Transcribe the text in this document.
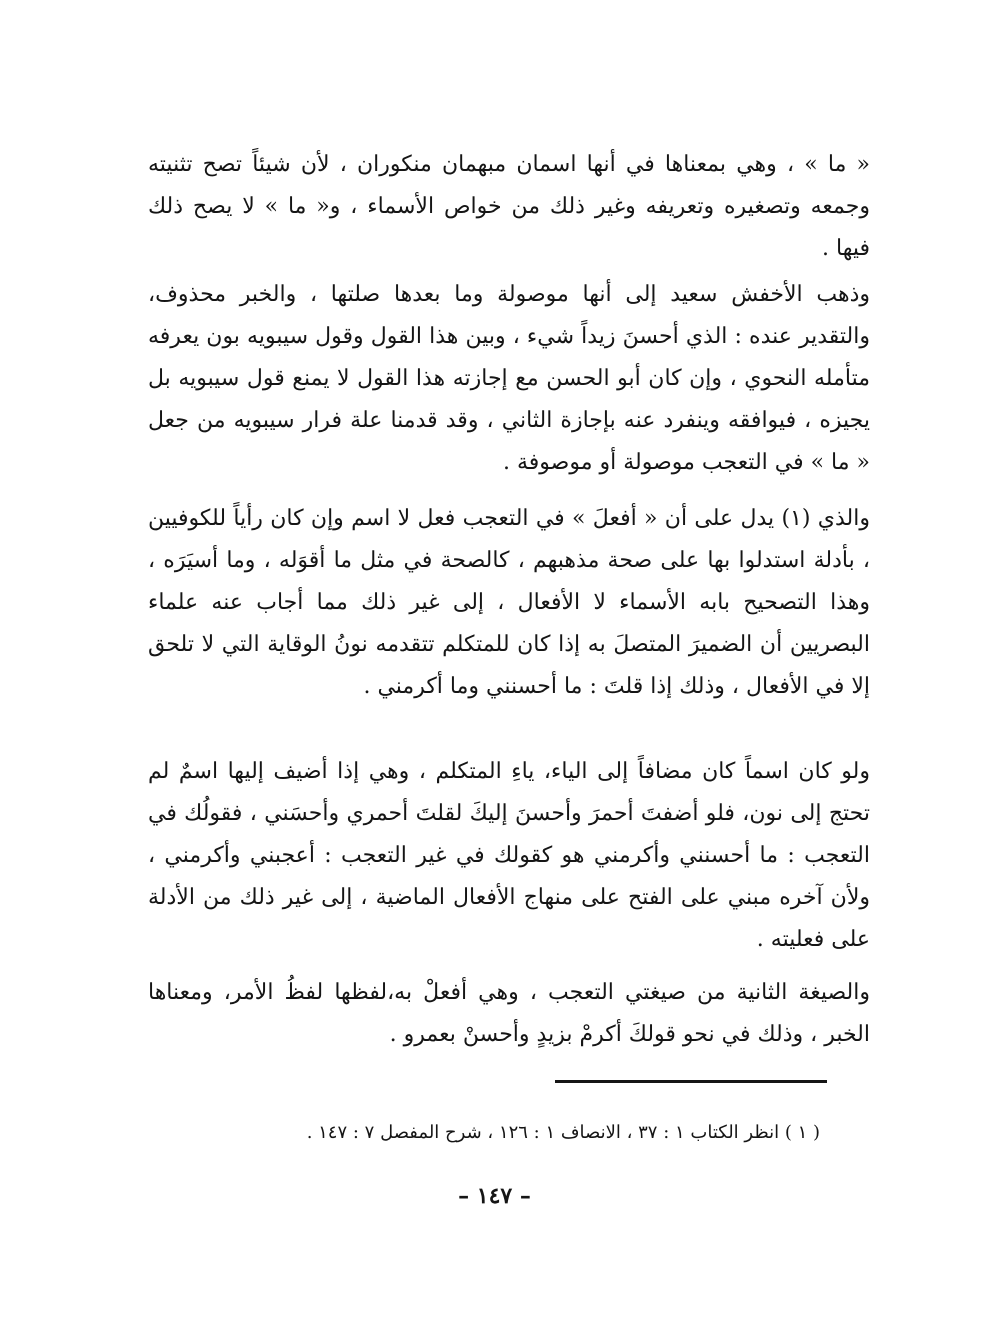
« ما » ، وهي بمعناها في أنها اسمان مبهمان منكوران ، لأن شيئاً تصح تثنيته وجمعه وتصغيره وتعريفه وغير ذلك من خواص الأسماء ، و« ما » لا يصح ذلك فيها .

وذهب الأخفش سعيد إلى أنها موصولة وما بعدها صلتها ، والخبر محذوف، والتقدير عنده : الذي أحسنَ زيداً شيء ، وبين هذا القول وقول سيبويه بون يعرفه متأمله النحوي ، وإن كان أبو الحسن مع إجازته هذا القول لا يمنع قول سيبويه بل يجيزه ، فيوافقه وينفرد عنه بإجازة الثاني ، وقد قدمنا علة فرار سيبويه من جعل « ما » في التعجب موصولة أو موصوفة .

والذي (١) يدل على أن « أفعلَ » في التعجب فعل لا اسم وإن كان رأياً للكوفيين ، بأدلة استدلوا بها على صحة مذهبهم ، كالصحة في مثل ما أقوَله ، وما أسيَرَه ، وهذا التصحيح بابه الأسماء لا الأفعال ، إلى غير ذلك مما أجاب عنه علماء البصريين أن الضميرَ المتصلَ به إذا كان للمتكلم تتقدمه نونُ الوقاية التي لا تلحق إلا في الأفعال ، وذلك إذا قلتَ : ما أحسنني وما أكرمني .

ولو كان اسماً كان مضافاً إلى الياء، ياءِ المتكلم ، وهي إذا أضيف إليها اسمٌ لم تحتج إلى نون، فلو أضفتَ أحمرَ وأحسنَ إليكَ لقلتَ أحمري وأحسَني ، فقولُك في التعجب : ما أحسنني وأكرمني هو كقولك في غير التعجب : أعجبني وأكرمني ، ولأن آخره مبني على الفتح على منهاج الأفعال الماضية ، إلى غير ذلك من الأدلة على فعليته .

والصيغة الثانية من صيغتي التعجب ، وهي أفعلْ به،لفظها لفظُ الأمر، ومعناها الخبر ، وذلك في نحو قولكَ أكرمْ بزيدٍ وأحسنْ بعمرو .

( ١ ) انظر الكتاب ١ : ٣٧ ، الانصاف ١ : ١٢٦ ، شرح المفصل ٧ : ١٤٧ .

– ١٤٧ –
